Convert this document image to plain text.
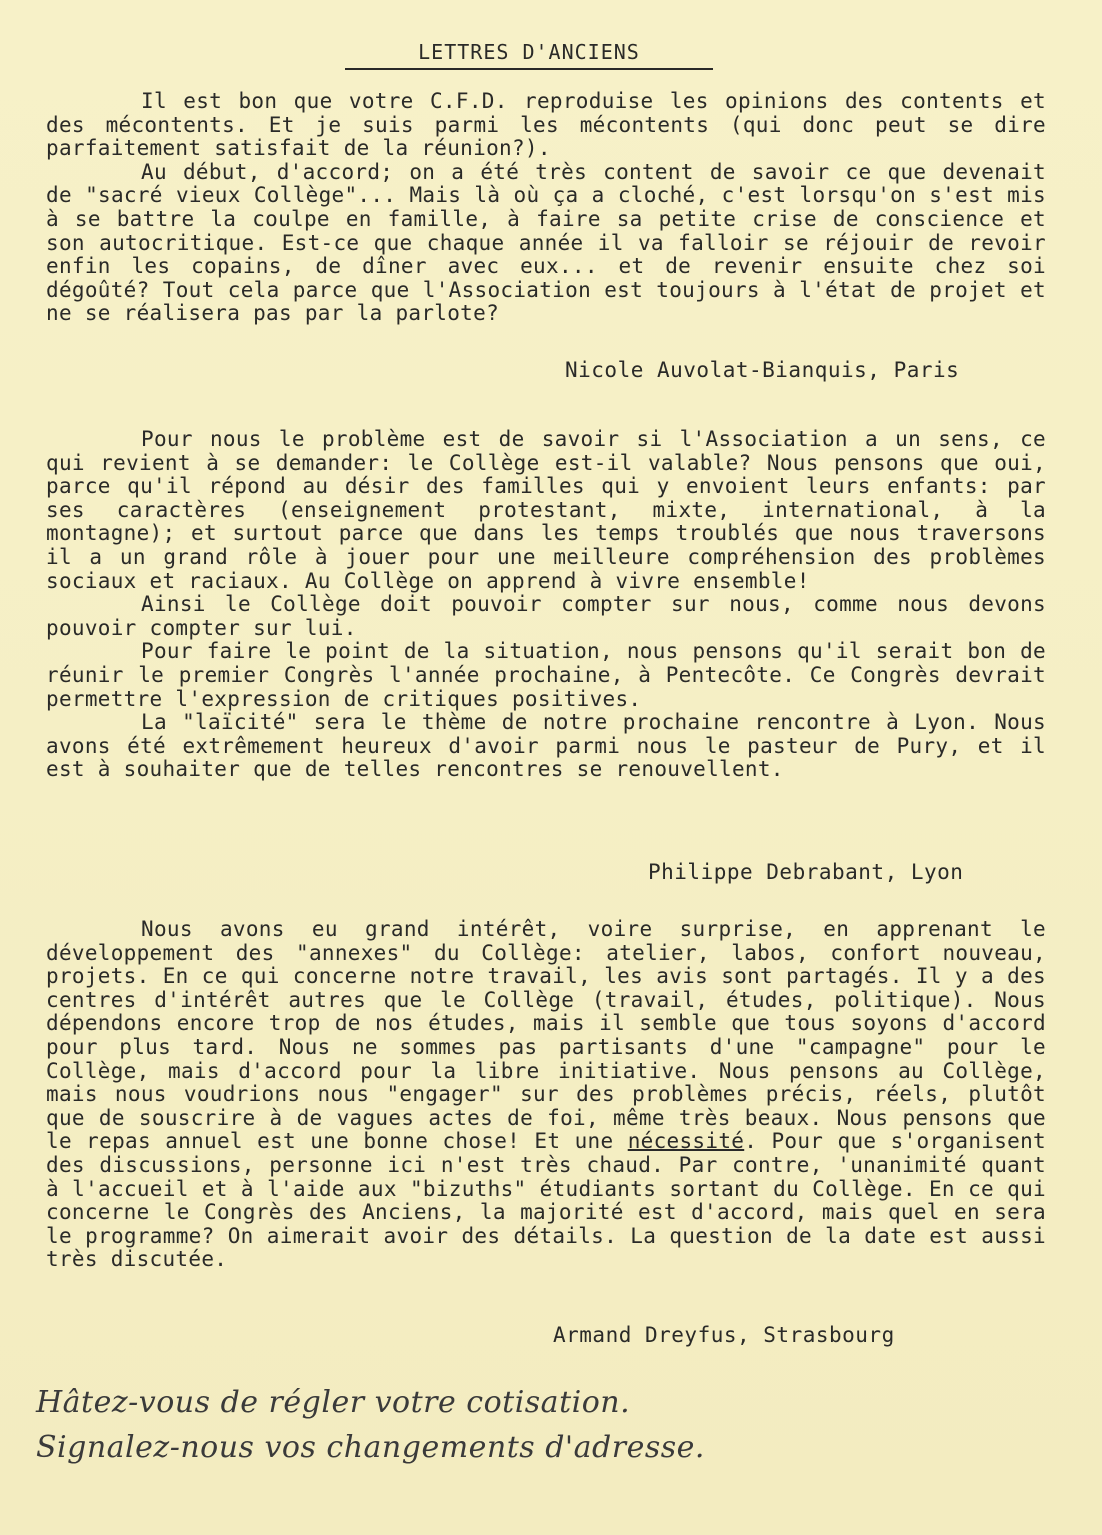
LETTRES D'ANCIENS

Il est bon que votre C.F.D. reproduise les opinions des contents et des mécontents. Et je suis parmi les mécontents (qui donc peut se dire parfaitement satisfait de la réunion?).

Au début, d'accord; on a été très content de savoir ce que devenait de "sacré vieux Collège"... Mais là où ça a cloché, c'est lorsqu'on s'est mis à se battre la coulpe en famille, à faire sa petite crise de conscience et son autocritique. Est-ce que chaque année il va falloir se réjouir de revoir enfin les copains, de dîner avec eux... et de revenir ensuite chez soi dégoûté? Tout cela parce que l'Association est toujours à l'état de projet et ne se réalisera pas par la parlote?

Nicole Auvolat-Bianquis, Paris

Pour nous le problème est de savoir si l'Association a un sens, ce qui revient à se demander: le Collège est-il valable? Nous pensons que oui, parce qu'il répond au désir des familles qui y envoient leurs enfants: par ses caractères (enseignement protestant, mixte, international, à la montagne); et surtout parce que dans les temps troublés que nous traversons il a un grand rôle à jouer pour une meilleure compréhension des problèmes sociaux et raciaux. Au Collège on apprend à vivre ensemble!

Ainsi le Collège doit pouvoir compter sur nous, comme nous devons pouvoir compter sur lui.

Pour faire le point de la situation, nous pensons qu'il serait bon de réunir le premier Congrès l'année prochaine, à Pentecôte. Ce Congrès devrait permettre l'expression de critiques positives.

La "laïcité" sera le thème de notre prochaine rencontre à Lyon. Nous avons été extrêmement heureux d'avoir parmi nous le pasteur de Pury, et il est à souhaiter que de telles rencontres se renouvellent.

Philippe Debrabant, Lyon

Nous avons eu grand intérêt, voire surprise, en apprenant le développement des "annexes" du Collège: atelier, labos, confort nouveau, projets. En ce qui concerne notre travail, les avis sont partagés. Il y a des centres d'intérêt autres que le Collège (travail, études, politique). Nous dépendons encore trop de nos études, mais il semble que tous soyons d'accord pour plus tard. Nous ne sommes pas partisants d'une "campagne" pour le Collège, mais d'accord pour la libre initiative. Nous pensons au Collège, mais nous voudrions nous "engager" sur des problèmes précis, réels, plutôt que de souscrire à de vagues actes de foi, même très beaux. Nous pensons que le repas annuel est une bonne chose! Et une nécessité. Pour que s'organisent des discussions, personne ici n'est très chaud. Par contre, 'unanimité quant à l'accueil et à l'aide aux "bizuths" étudiants sortant du Collège. En ce qui concerne le Congrès des Anciens, la majorité est d'accord, mais quel en sera le programme? On aimerait avoir des détails. La question de la date est aussi très discutée.

Armand Dreyfus, Strasbourg
Hâtez-vous de régler votre cotisation.
Signalez-nous vos changements d'adresse.
